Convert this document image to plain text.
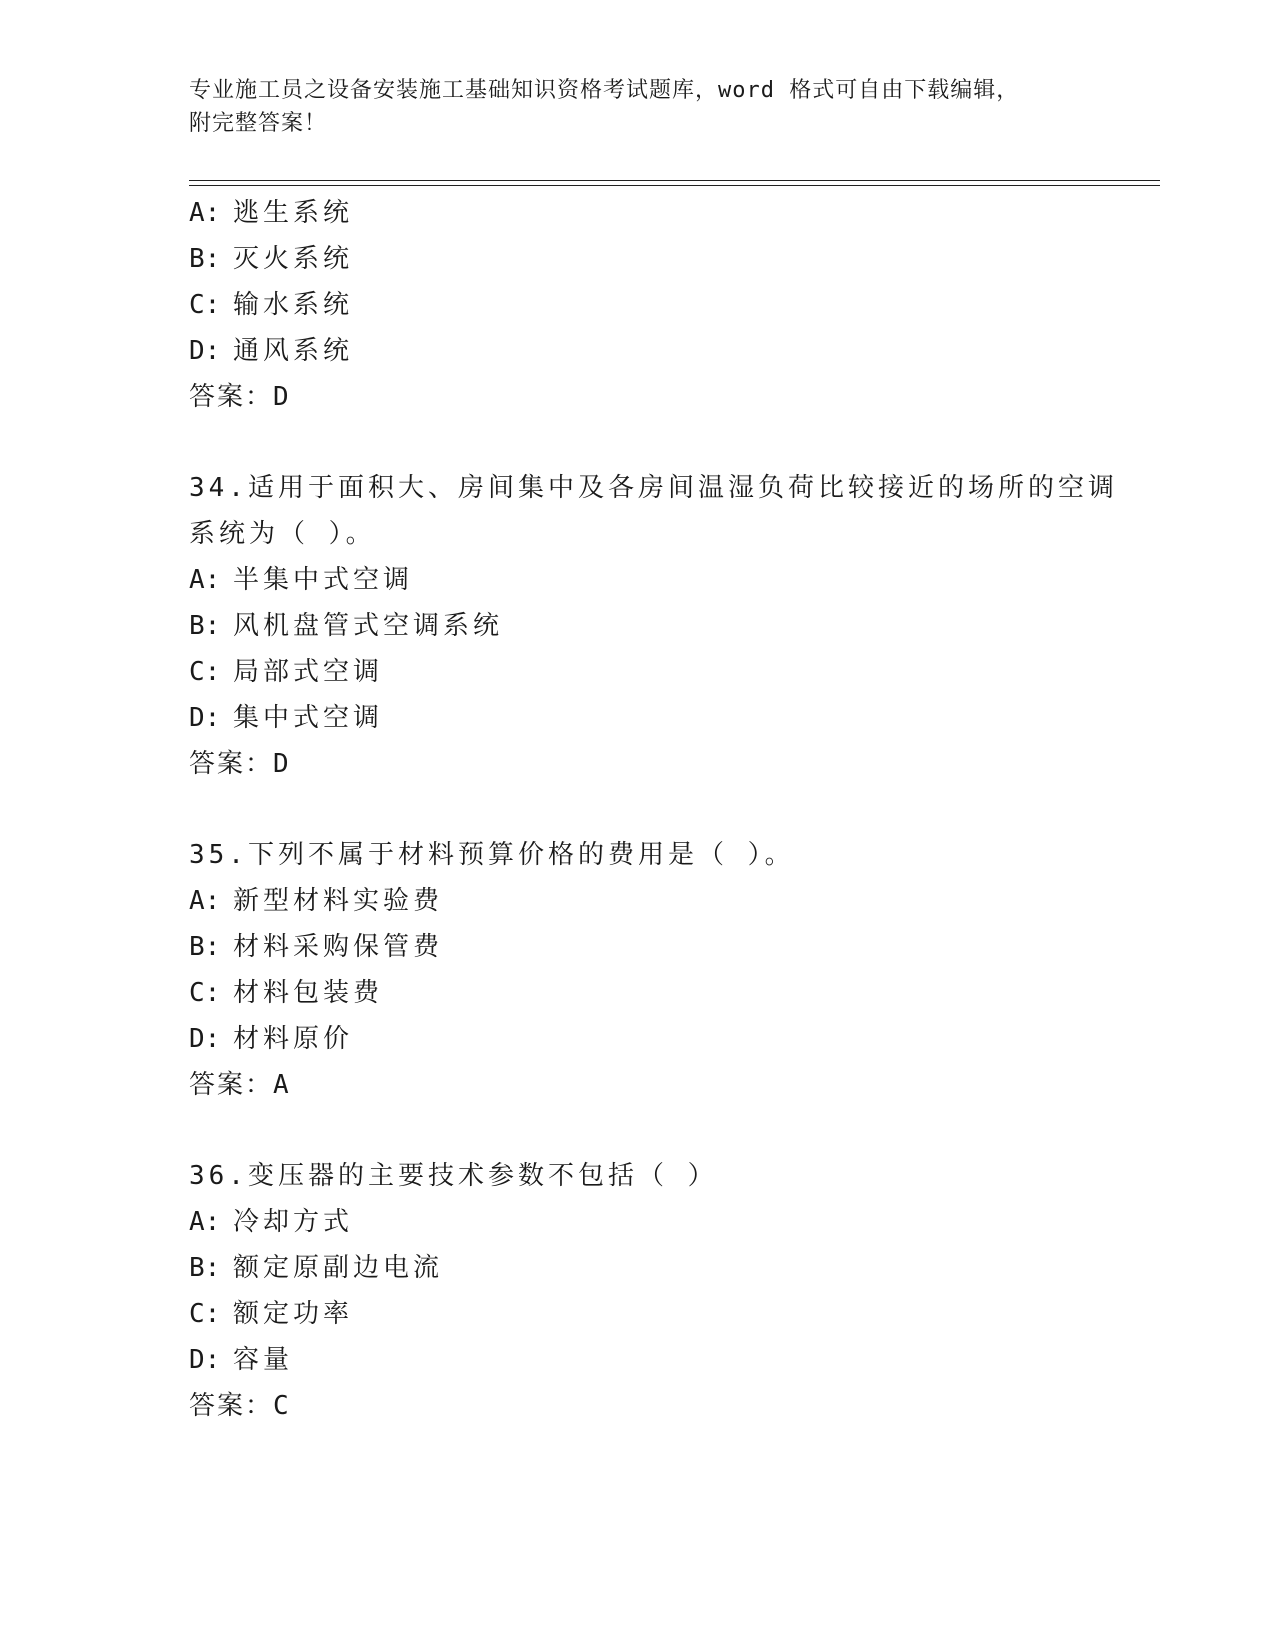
专业施工员之设备安装施工基础知识资格考试题库，word 格式可自由下载编辑，
附完整答案！
A: 逃生系统
B: 灭火系统
C: 输水系统
D: 通风系统
答案：D
34.适用于面积大、房间集中及各房间温湿负荷比较接近的场所的空调
系统为（ ）。
A: 半集中式空调
B: 风机盘管式空调系统
C: 局部式空调
D: 集中式空调
答案：D
35.下列不属于材料预算价格的费用是（ ）。
A: 新型材料实验费
B: 材料采购保管费
C: 材料包装费
D: 材料原价
答案：A
36.变压器的主要技术参数不包括（ ）
A: 冷却方式
B: 额定原副边电流
C: 额定功率
D: 容量
答案：C
